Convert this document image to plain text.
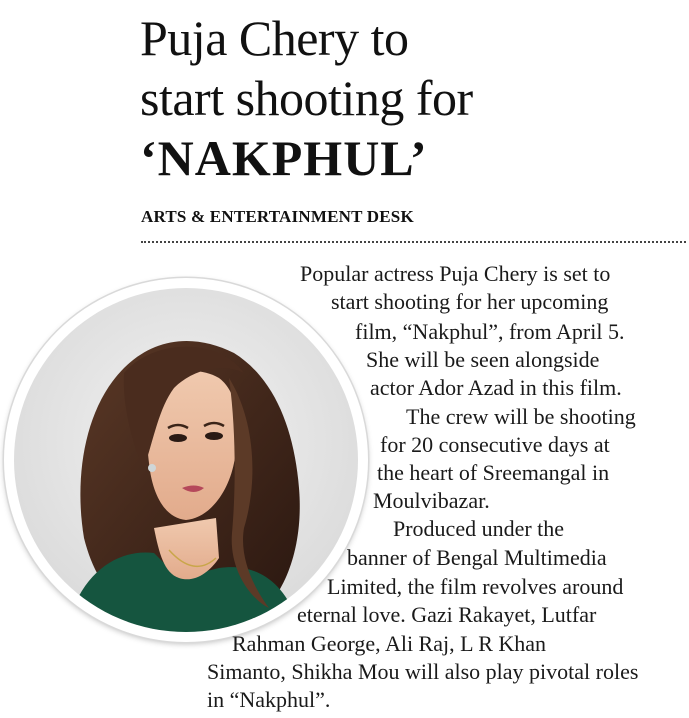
Puja Chery to
start shooting for
‘NAKPHUL’
ARTS & ENTERTAINMENT DESK
Popular actress Puja Chery is set to
start shooting for her upcoming
film, “Nakphul”, from April 5.
She will be seen alongside
actor Ador Azad in this film.
The crew will be shooting
for 20 consecutive days at
the heart of Sreemangal in
Moulvibazar.
Produced under the
banner of Bengal Multimedia
Limited, the film revolves around
eternal love. Gazi Rakayet, Lutfar
Rahman George, Ali Raj, L R Khan
Simanto, Shikha Mou will also play pivotal roles
in “Nakphul”.
